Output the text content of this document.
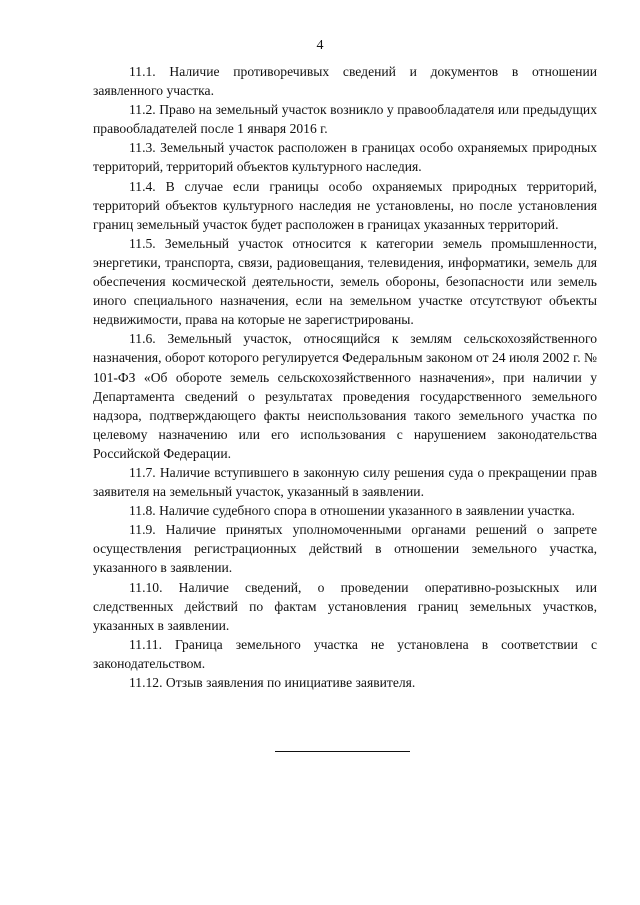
4

11.1. Наличие противоречивых сведений и документов в отношении заявленного участка.

11.2. Право на земельный участок возникло у правообладателя или предыдущих правообладателей после 1 января 2016 г.

11.3. Земельный участок расположен в границах особо охраняемых природных территорий, территорий объектов культурного наследия.

11.4. В случае если границы особо охраняемых природных территорий, территорий объектов культурного наследия не установлены, но после установления границ земельный участок будет расположен в границах указанных территорий.

11.5. Земельный участок относится к категории земель промышленности, энергетики, транспорта, связи, радиовещания, телевидения, информатики, земель для обеспечения космической деятельности, земель обороны, безопасности или земель иного специального назначения, если на земельном участке отсутствуют объекты недвижимости, права на которые не зарегистрированы.

11.6. Земельный участок, относящийся к землям сельскохозяйственного назначения, оборот которого регулируется Федеральным законом от 24 июля 2002 г. № 101-ФЗ «Об обороте земель сельскохозяйственного назначения», при наличии у Департамента сведений о результатах проведения государственного земельного надзора, подтверждающего факты неиспользования такого земельного участка по целевому назначению или его использования с нарушением законодательства Российской Федерации.

11.7. Наличие вступившего в законную силу решения суда о прекращении прав заявителя на земельный участок, указанный в заявлении.

11.8. Наличие судебного спора в отношении указанного в заявлении участка.

11.9. Наличие принятых уполномоченными органами решений о запрете осуществления регистрационных действий в отношении земельного участка, указанного в заявлении.

11.10. Наличие сведений, о проведении оперативно-розыскных или следственных действий по фактам установления границ земельных участков, указанных в заявлении.

11.11. Граница земельного участка не установлена в соответствии с законодательством.

11.12. Отзыв заявления по инициативе заявителя.
